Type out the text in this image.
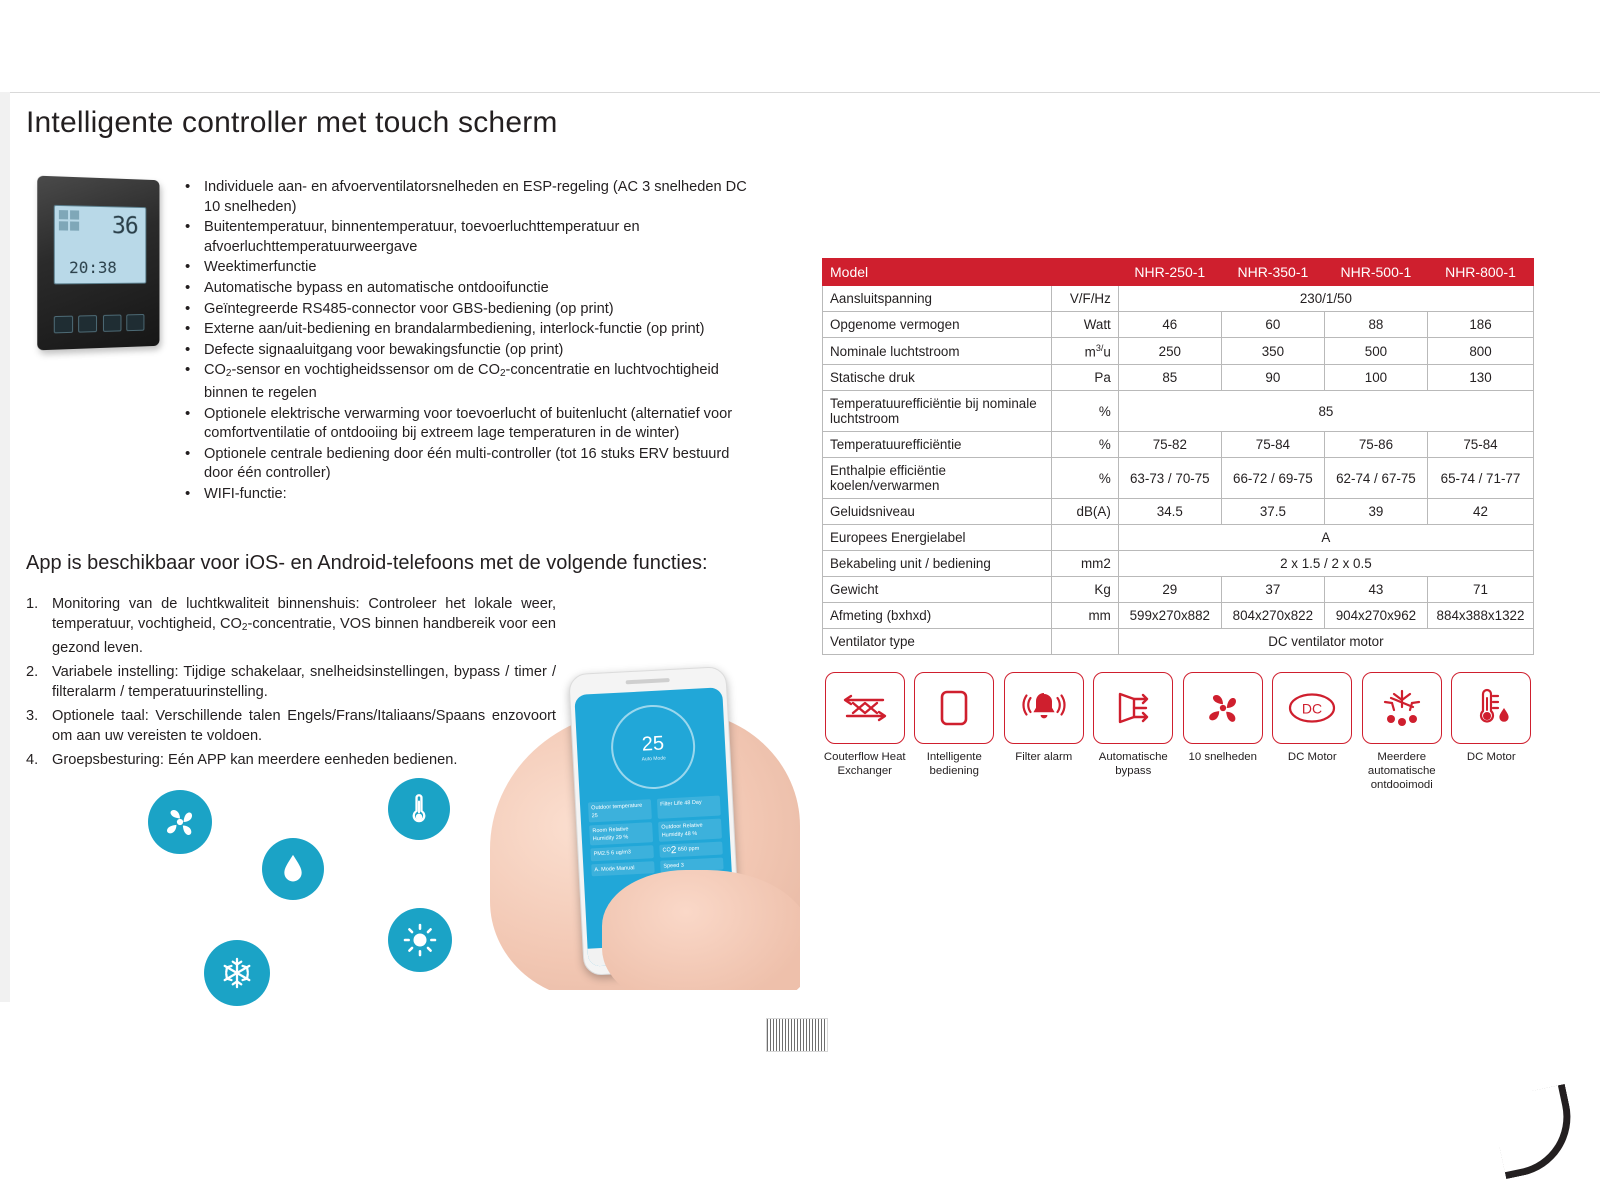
Intelligente controller met touch scherm
36
20:38
• Individuele aan- en afvoerventilatorsnelheden en ESP-regeling (AC 3 snelheden DC 10 snelheden)
• Buitentemperatuur, binnentemperatuur, toevoerluchttemperatuur en afvoerluchttemperatuurweergave
• Weektimerfunctie
• Automatische bypass en automatische ontdooifunctie
• Geïntegreerde RS485-connector voor GBS-bediening (op print)
• Externe aan/uit-bediening en brandalarmbediening, interlock-functie (op print)
• Defecte signaaluitgang voor bewakingsfunctie (op print)
• $CO_2$-sensor en vochtigheidssensor om de $CO_2$-concentratie en luchtvochtigheid binnen te regelen
• Optionele elektrische verwarming voor toevoerlucht of buitenlucht (alternatief voor comfortventilatie of ontdooiing bij extreem lage temperaturen in de winter)
• Optionele centrale bediening door één multi-controller (tot 16 stuks ERV bestuurd door één controller)
• WIFI-functie:
App is beschikbaar voor iOS- en Android-telefoons met de volgende functies:
1. Monitoring van de luchtkwaliteit binnenshuis: Controleer het lokale weer, temperatuur, vochtigheid, $CO_2$-concentratie, VOS binnen handbereik voor een gezond leven.
2. Variabele instelling: Tijdige schakelaar, snelheidsinstellingen, bypass / timer / filteralarm / temperatuurinstelling.
3. Optionele taal: Verschillende talen Engels/Frans/Italiaans/Spaans enzovoort om aan uw vereisten te voldoen.
4. Groepsbesturing: Eén APP kan meerdere eenheden bedienen.
25
Auto Mode
Outdoor temperature 25
Filter Life 48 Day
Room Relative Humidity 29 %
Outdoor Relative Humidity 48 %
PM2.5 6 ug/m3	$CO_2$ 650 ppm
A. Mode Manual	Speed 3
Model		NHR-250-1	NHR-350-1	NHR-500-1	NHR-800-1
Aansluitspanning	V/F/Hz	230/1/50			
Opgenome vermogen	Watt	46	60	88	186
Nominale luchtstroom	$m^{3/}u$	250	350	500	800
Statische druk	Pa	85	90	100	130
Temperatuurefficiëntie bij nominale luchtstroom	%	85			
Temperatuurefficiëntie	%	75-82	75-84	75-86	75-84
Enthalpie efficiëntie koelen/verwarmen	%	63-73 / 70-75	66-72 / 69-75	62-74 / 67-75	65-74 / 71-77
Geluidsniveau	dB(A)	34.5	37.5	39	42
Europees Energielabel		A			
Bekabeling unit / bediening	mm2	2 x 1.5 / 2 x 0.5			
Gewicht	Kg	29	37	43	71
Afmeting (bxhxd)	mm	599x270x882	804x270x822	904x270x962	884x388x1322
Ventilator type		DC ventilator motor			
Couterflow Heat Exchanger
Intelligente bediening
Filter alarm	Automatische bypass
10 snelheden
DC
DC Motor	Meerdere automatische ontdooimodi
DC Motor
